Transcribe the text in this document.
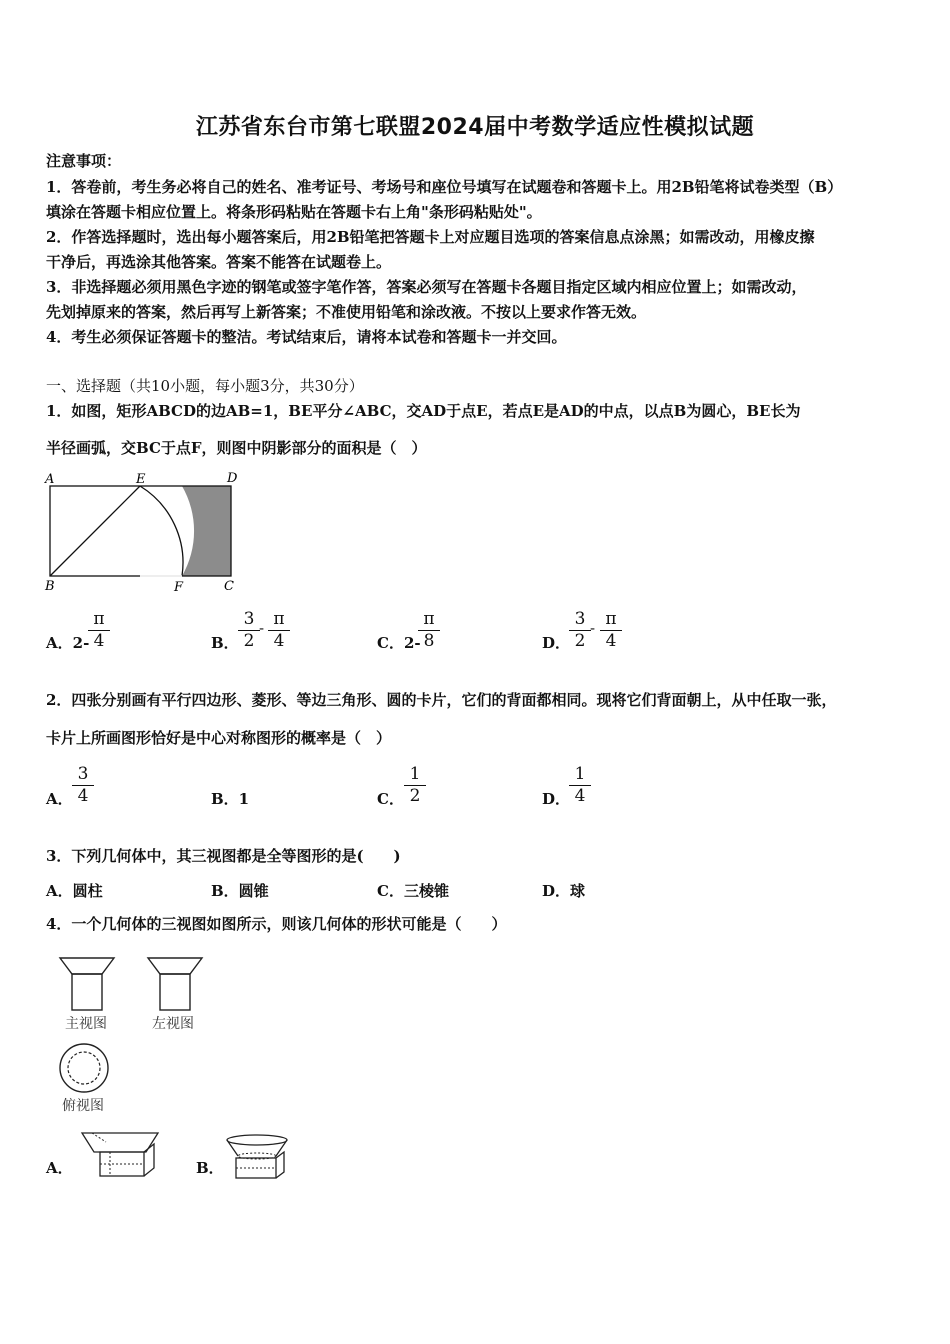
江苏省东台市第七联盟2024届中考数学适应性模拟试题
注意事项：
1．答卷前，考生务必将自己的姓名、准考证号、考场号和座位号填写在试题卷和答题卡上。用2B铅笔将试卷类型（B）
填涂在答题卡相应位置上。将条形码粘贴在答题卡右上角"条形码粘贴处"。
2．作答选择题时，选出每小题答案后，用2B铅笔把答题卡上对应题目选项的答案信息点涂黑；如需改动，用橡皮擦
干净后，再选涂其他答案。答案不能答在试题卷上。
3．非选择题必须用黑色字迹的钢笔或签字笔作答，答案必须写在答题卡各题目指定区域内相应位置上；如需改动，
先划掉原来的答案，然后再写上新答案；不准使用铅笔和涂改液。不按以上要求作答无效。
4．考生必须保证答题卡的整洁。考试结束后，请将本试卷和答题卡一并交回。
一、选择题（共10小题，每小题3分，共30分）
1．如图，矩形ABCD的边AB=1，BE平分∠ABC，交AD于点E，若点E是AD的中点，以点B为圆心，BE长为
半径画弧，交BC于点F，则图中阴影部分的面积是（　）
A	E	D
B	F	C
A．2-
π
4	B．
3
2
- π
4	C．2-
π
8	D．
3
2
- π
4
2．四张分别画有平行四边形、菱形、等边三角形、圆的卡片，它们的背面都相同。现将它们背面朝上，从中任取一张，
卡片上所画图形恰好是中心对称图形的概率是（　）
A．
3
4	B．1	C．
1
2	D．
1
4
3．下列几何体中，其三视图都是全等图形的是(　　)
A．圆柱	B．圆锥	C．三棱锥	D．球
4．一个几何体的三视图如图所示，则该几何体的形状可能是（　　）
主视图	左视图
俯视图
A．	B．
